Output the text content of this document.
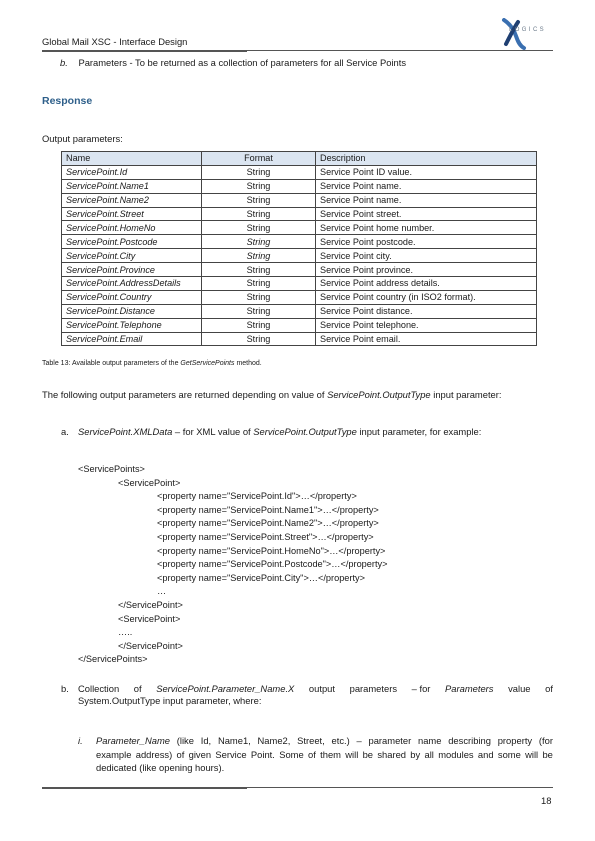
Global Mail XSC - Interface Design
LOGICS
b. Parameters - To be returned as a collection of parameters for all Service Points
Response
Output parameters:
Name	Format	Description
ServicePoint.Id	String	Service Point ID value.
ServicePoint.Name1	String	Service Point name.
ServicePoint.Name2	String	Service Point name.
ServicePoint.Street	String	Service Point street.
ServicePoint.HomeNo	String	Service Point home number.
ServicePoint.Postcode	String	Service Point postcode.
ServicePoint.City	String	Service Point city.
ServicePoint.Province	String	Service Point province.
ServicePoint.AddressDetails	String	Service Point address details.
ServicePoint.Country	String	Service Point country (in ISO2 format).
ServicePoint.Distance	String	Service Point distance.
ServicePoint.Telephone	String	Service Point telephone.
ServicePoint.Email	String	Service Point email.
Table 13: Available output parameters of the GetServicePoints method.
The following output parameters are returned depending on value of ServicePoint.OutputType input parameter:
a. ServicePoint.XMLData – for XML value of ServicePoint.OutputType input parameter, for example:
<ServicePoints>
<ServicePoint>
<property name="ServicePoint.Id">…</property>
<property name="ServicePoint.Name1">…</property>
<property name="ServicePoint.Name2">…</property>
<property name="ServicePoint.Street">…</property>
<property name="ServicePoint.HomeNo">…</property>
<property name="ServicePoint.Postcode">…</property>
<property name="ServicePoint.City">…</property>
…
</ServicePoint>
<ServicePoint>
…..
</ServicePoint>
</ServicePoints>
b. Collection of ServicePoint.Parameter_Name.X output parameters – for Parameters value of
System.OutputType input parameter, where:
i. Parameter_Name (like Id, Name1, Name2, Street, etc.) – parameter name describing property (for
example address) of given Service Point. Some of them will be shared by all modules and some will be
dedicated (like opening hours).
18
